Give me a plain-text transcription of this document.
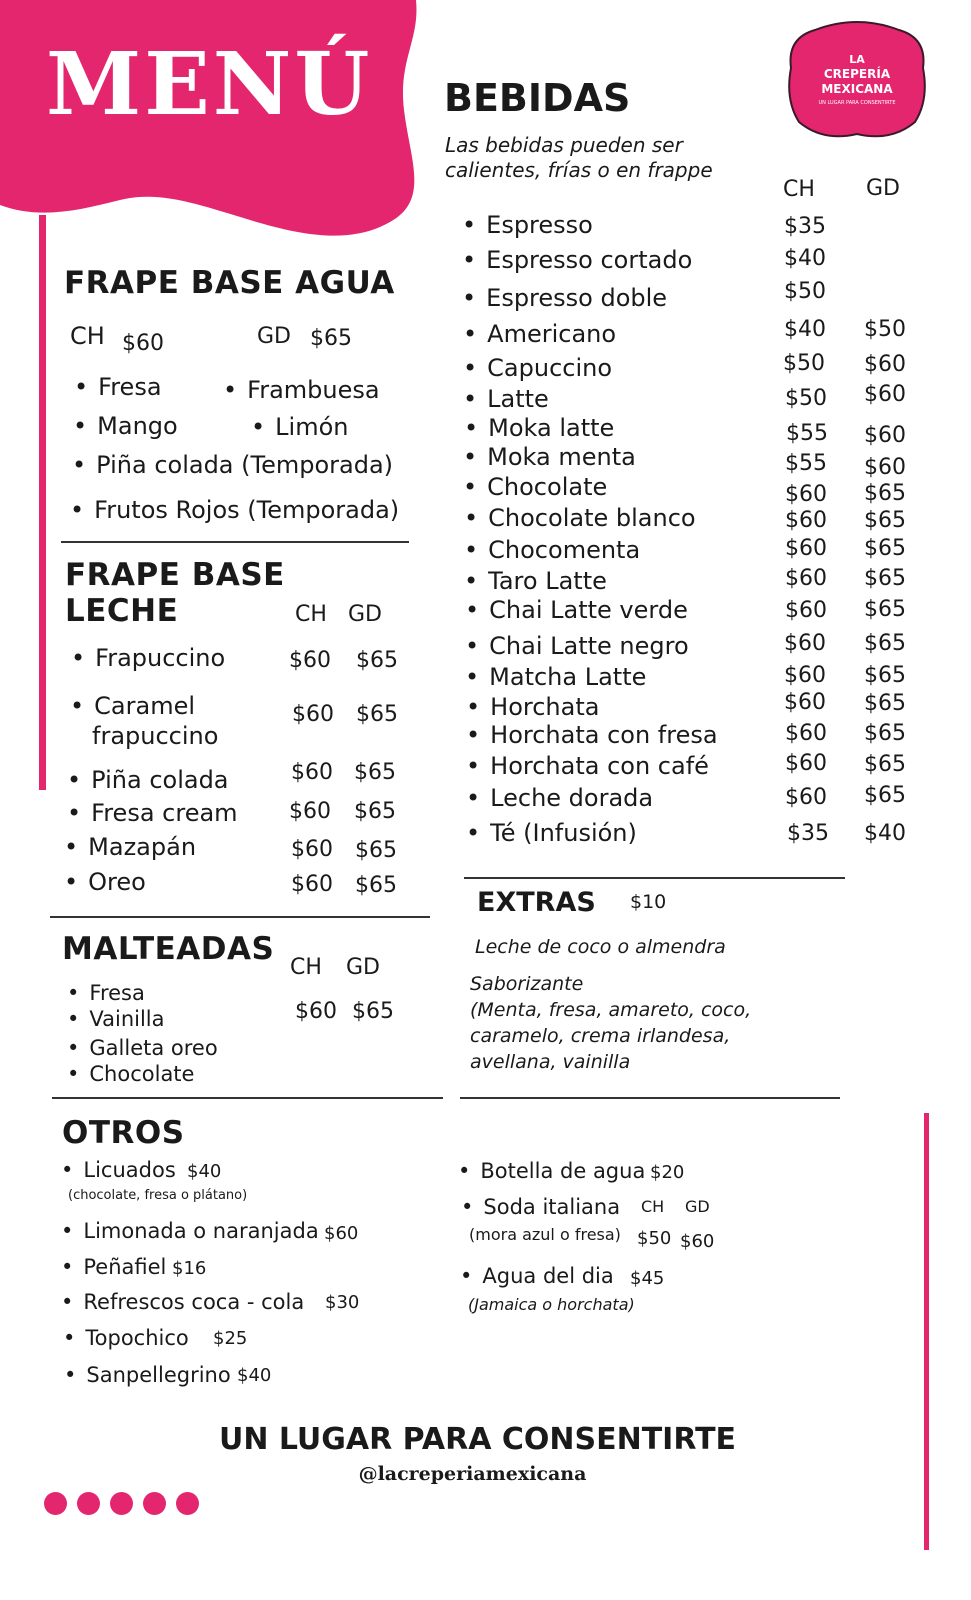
MENÚ	LA
CREPERÍA
MEXICANA
UN LUGAR PARA CONSENTIRTE
FRAPE BASE AGUA
CH $60	GD $65
• Fresa	• Frambuesa
• Mango	• Limón
• Piña colada (Temporada)
• Frutos Rojos (Temporada)
FRAPE BASE
LECHE	CH GD
• Frapuccino	$60 $65
• Caramel
frapuccino
$60 $65
• Piña colada	$60 $65
• Fresa cream $60 $65
• Mazapán	$60 $65
• Oreo	$60 $65
MALTEADAS
CH GD
$60 $65
• Fresa
• Vainilla
• Galleta oreo
• Chocolate
BEBIDAS
Las bebidas pueden ser
calientes, frías o en frappe
CH GD
• Espresso	$35
• Espresso cortado	$40
• Espresso doble	$50
• Americano	$40 $50
• Capuccino	$50 $60
• Latte	$50 $60
• Moka latte	$55 $60
• Moka menta	$55 $60
• Chocolate	$60 $65
• Chocolate blanco	$60 $65
• Chocomenta	$60 $65
• Taro Latte	$60 $65
• Chai Latte verde	$60 $65
• Chai Latte negro	$60 $65
• Matcha Latte	$60 $65
• Horchata	$60 $65
• Horchata con fresa	$60 $65
• Horchata con café	$60 $65
• Leche dorada	$60 $65
• Té (Infusión)	$35 $40
EXTRAS $10
Leche de coco o almendra
Saborizante
(Menta, fresa, amareto, coco,
caramelo, crema irlandesa,
avellana, vainilla
OTROS
• Licuados $40
(chocolate, fresa o plátano)
• Limonada o naranjada $60
• Peñafiel $16
• Refrescos coca - cola $30
• Topochico $25
• Sanpellegrino $40
• Botella de agua $20
• Soda italiana CH GD
(mora azul o fresa) $50 $60
• Agua del dia $45
(Jamaica o horchata)
UN LUGAR PARA CONSENTIRTE
@lacreperiamexicana
